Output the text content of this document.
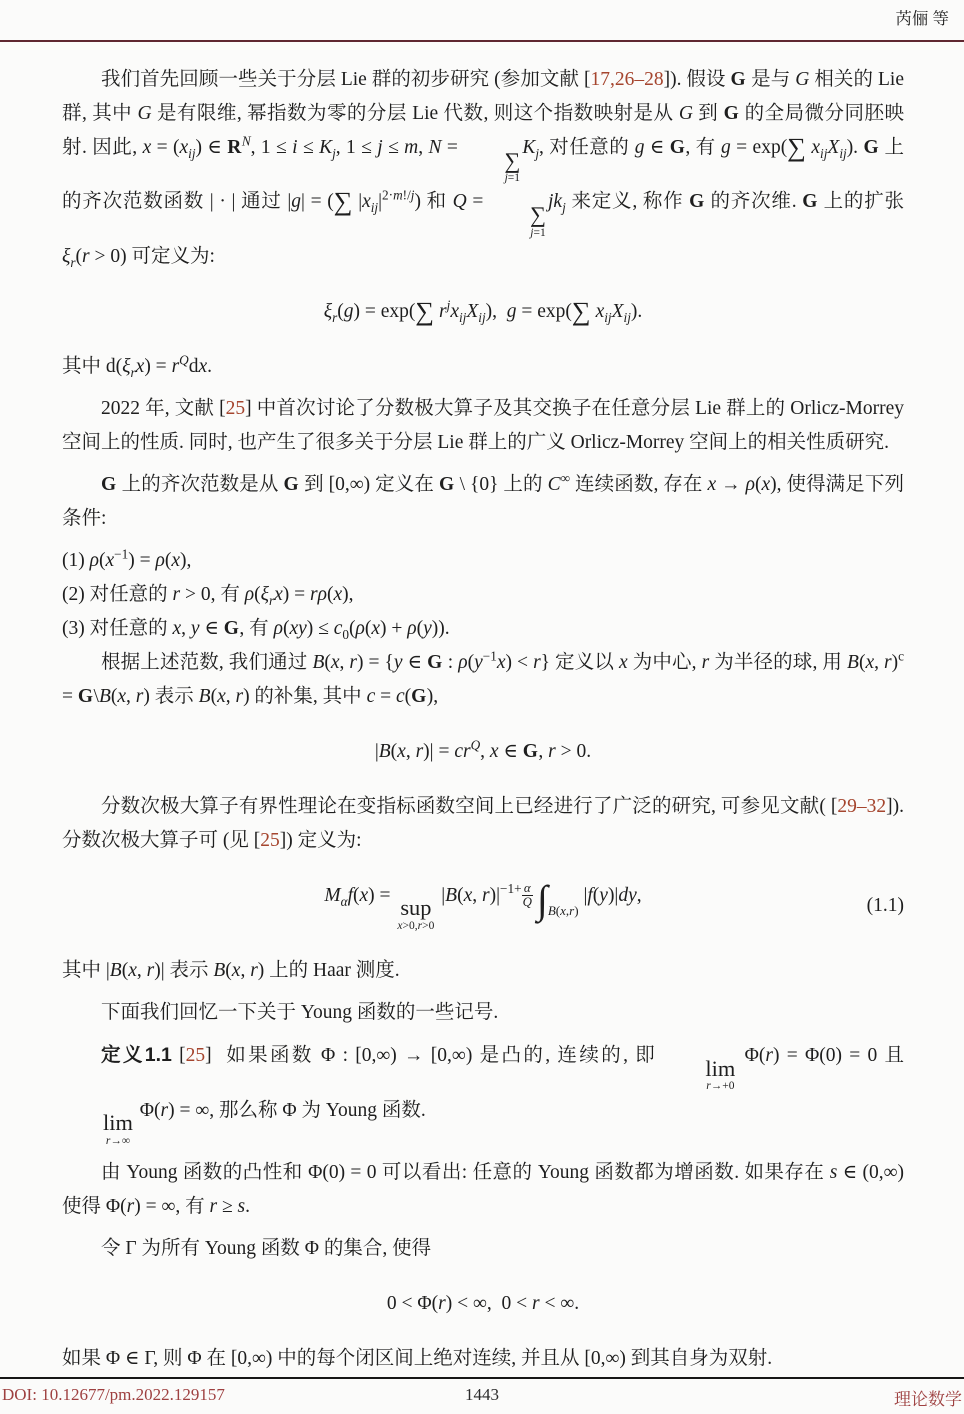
芮俪 等

我们首先回顾一些关于分层 Lie 群的初步研究 (参加文献 [17,26–28]). 假设 G 是与 G 相关的 Lie 群, 其中 G 是有限维, 幂指数为零的分层 Lie 代数, 则这个指数映射是从 G 到 G 的全局微分同胚映射. 因此, $x = (x_{ij})$ ∈ $R^N$, $1 \le i \le K_j$, 1 ≤ j ≤ m, N =
∑
j=1
$K_j$, 对任意的 g ∈ G, 有 g = exp(∑ $x_{ij}X_{ij}$). G 上的齐次范数函数 | · | 通过 |g| = (∑ $|x_{ij}|^{2\cdot m!/j}$) 和 Q =
∑
j=1
$jk_j$ 来定义, 称作 G 的齐次维. G 上的扩张 $\xi_r(r > 0)$ 可定义为:

$\xi_r(g) = \exp(\sum$ $r^jx_{ij}X_{ij}$),  g = exp(∑ $x_{ij}X_{ij}$).

其中 $d(\xi_rx) = r^Qdx$.

2022 年, 文献 [25] 中首次讨论了分数极大算子及其交换子在任意分层 Lie 群上的 Orlicz-Morrey 空间上的性质. 同时, 也产生了很多关于分层 Lie 群上的广义 Orlicz-Morrey 空间上的相关性质研究.

G 上的齐次范数是从 G 到 [0,∞) 定义在 G \ {0} 上的 C∞ 连续函数, 存在 x → ρ(x), 使得满足下列条件:

(1) $\rho(x^{-1}) = \rho(x)$,

(2) 对任意的 r > 0, 有 $\rho(\xi_rx) = r\rho(x)$,

(3) 对任意的 x, y ∈ G, 有 $\rho(xy) \le c_0(\rho(x) + \rho(y))$.

根据上述范数, 我们通过 B(x, r) = {y ∈ G : $\rho(y^{-1}x) < r$} 定义以 x 为中心, r 为半径的球, 用 B(x, r)$^c$ = G\B(x, r) 表示 B(x, r) 的补集, 其中 c = c(G),

|B(x, $r)| = cr^Q$, x ∈ G, r > 0.

分数次极大算子有界性理论在变指标函数空间上已经进行了广泛的研究, 可参见文献( [29–32]). 分数次极大算子可 (见 [25]) 定义为:

$M_\alpha f(x)$ =
sup
x>0,r>0
|B(x, $r)|^{-1+ \frac{\alpha}{Q}}$ $\int_{B(x,r)}$ |f(y)|dy,	(1.1)

其中 |B(x, r)| 表示 B(x, r) 上的 Haar 测度.

下面我们回忆一下关于 Young 函数的一些记号.

定义1.1 [25]  如果函数 Φ : [0,∞) → [0,∞) 是凸的, 连续的, 即
lim
r→+0
Φ(r) = Φ(0) = 0 且
lim
r→∞
Φ(r) = ∞, 那么称 Φ 为 Young 函数.

由 Young 函数的凸性和 Φ(0) = 0 可以看出: 任意的 Young 函数都为增函数. 如果存在 s ∈ (0,∞) 使得 Φ(r) = ∞, 有 r ≥ s.

令 Γ 为所有 Young 函数 Φ 的集合, 使得

0 < Φ(r) < ∞,  0 < r < ∞.

如果 Φ ∈ Γ, 则 Φ 在 [0,∞) 中的每个闭区间上绝对连续, 并且从 [0,∞) 到其自身为双射.

DOI: 10.12677/pm.2022.129157	1443	理论数学
